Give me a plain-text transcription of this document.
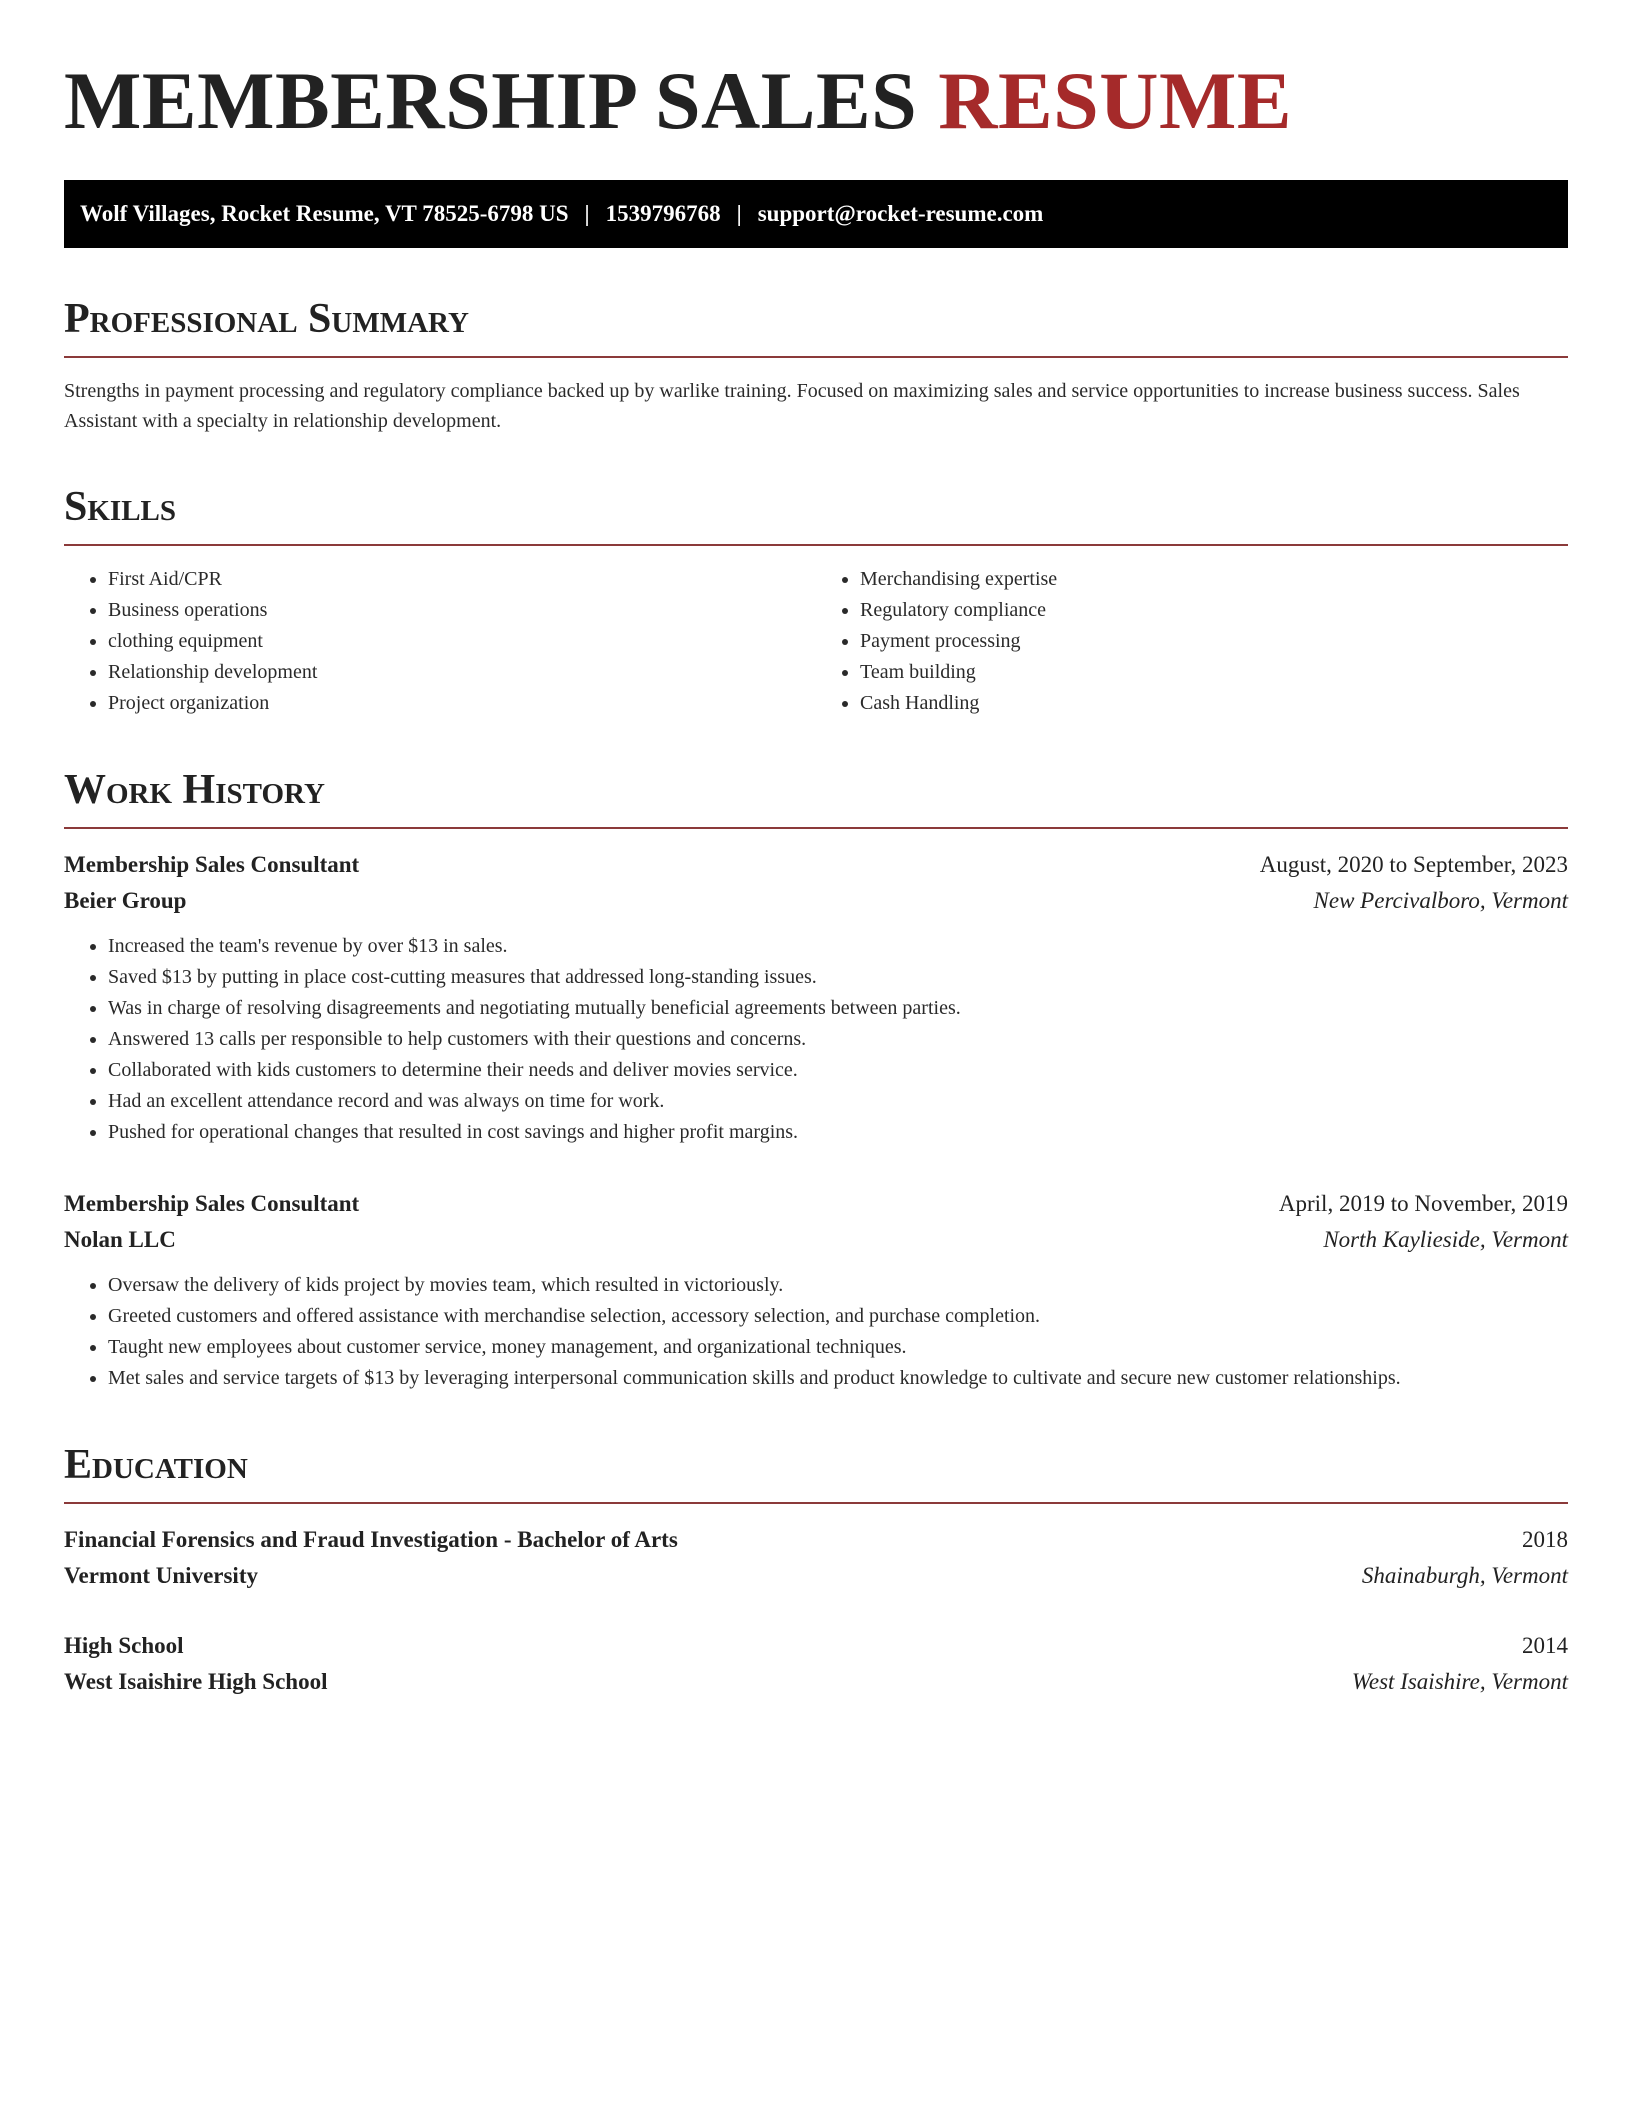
MEMBERSHIP SALES RESUME
Wolf Villages, Rocket Resume, VT 78525-6798 US | 1539796768 | support@rocket-resume.com
Professional Summary

Strengths in payment processing and regulatory compliance backed up by warlike training. Focused on maximizing sales and service opportunities to increase business success. Sales Assistant with a specialty in relationship development.

Skills
• First Aid/CPR
• Business operations
• clothing equipment
• Relationship development
• Project organization
• Merchandising expertise
• Regulatory compliance
• Payment processing
• Team building
• Cash Handling
Work History
Membership Sales Consultant	August, 2020 to September, 2023
Beier Group	New Percivalboro, Vermont
• Increased the team's revenue by over $13 in sales.
• Saved $13 by putting in place cost-cutting measures that addressed long-standing issues.
• Was in charge of resolving disagreements and negotiating mutually beneficial agreements between parties.
• Answered 13 calls per responsible to help customers with their questions and concerns.
• Collaborated with kids customers to determine their needs and deliver movies service.
• Had an excellent attendance record and was always on time for work.
• Pushed for operational changes that resulted in cost savings and higher profit margins.
Membership Sales Consultant	April, 2019 to November, 2019
Nolan LLC	North Kaylieside, Vermont
• Oversaw the delivery of kids project by movies team, which resulted in victoriously.
• Greeted customers and offered assistance with merchandise selection, accessory selection, and purchase completion.
• Taught new employees about customer service, money management, and organizational techniques.
• Met sales and service targets of $13 by leveraging interpersonal communication skills and product knowledge to cultivate and secure new customer relationships.
Education
Financial Forensics and Fraud Investigation - Bachelor of Arts	2018
Vermont University	Shainaburgh, Vermont
High School	2014
West Isaishire High School	West Isaishire, Vermont
